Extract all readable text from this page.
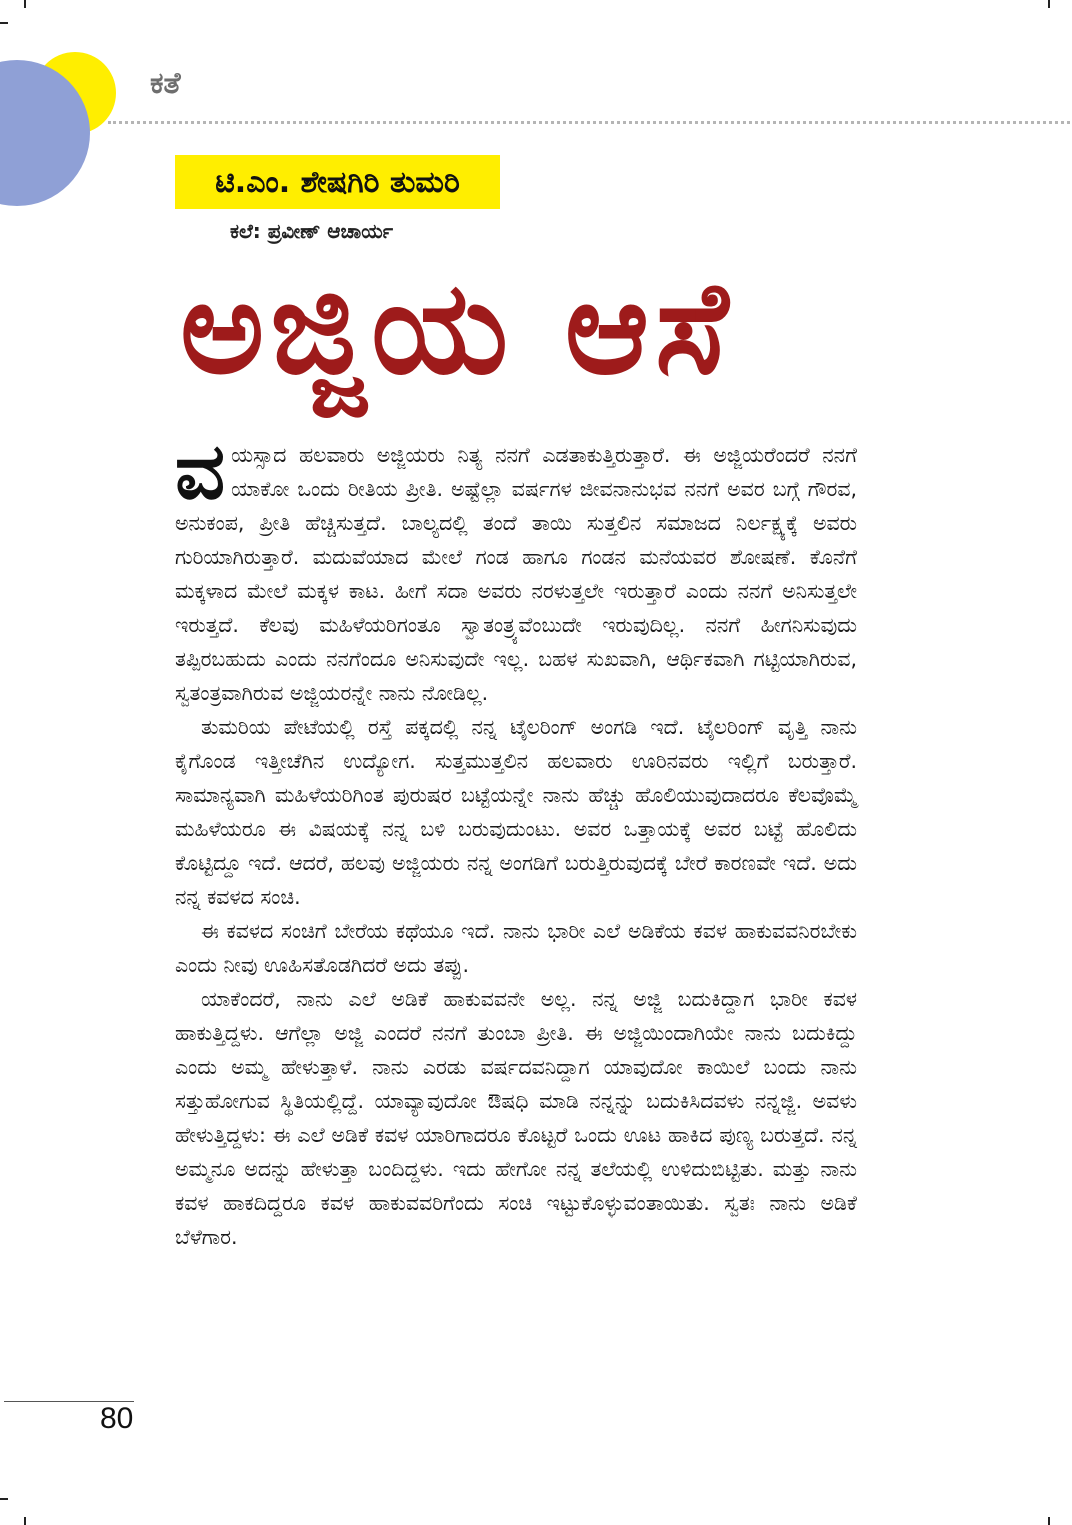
ಕತೆ
ಟಿ.ಎಂ. ಶೇಷಗಿರಿ ತುಮರಿ
ಕಲೆ: ಪ್ರವೀಣ್ ಆಚಾರ್ಯ
ಅಜ್ಜಿಯ ಆಸೆ

ವಯಸ್ಸಾದ ಹಲವಾರು ಅಜ್ಜಿಯರು ನಿತ್ಯ ನನಗೆ ಎಡತಾಕುತ್ತಿರುತ್ತಾರೆ. ಈ ಅಜ್ಜಿಯರೆಂದರೆ ನನಗೆ ಯಾಕೋ ಒಂದು ರೀತಿಯ ಪ್ರೀತಿ. ಅಷ್ಟೆಲ್ಲಾ ವರ್ಷಗಳ ಜೀವನಾನುಭವ ನನಗೆ ಅವರ ಬಗ್ಗೆ ಗೌರವ, ಅನುಕಂಪ, ಪ್ರೀತಿ ಹೆಚ್ಚಿಸುತ್ತದೆ. ಬಾಲ್ಯದಲ್ಲಿ ತಂದೆ ತಾಯಿ ಸುತ್ತಲಿನ ಸಮಾಜದ ನಿರ್ಲಕ್ಷ್ಯಕ್ಕೆ ಅವರು ಗುರಿಯಾಗಿರುತ್ತಾರೆ. ಮದುವೆಯಾದ ಮೇಲೆ ಗಂಡ ಹಾಗೂ ಗಂಡನ ಮನೆಯವರ ಶೋಷಣೆ. ಕೊನೆಗೆ ಮಕ್ಕಳಾದ ಮೇಲೆ ಮಕ್ಕಳ ಕಾಟ. ಹೀಗೆ ಸದಾ ಅವರು ನರಳುತ್ತಲೇ ಇರುತ್ತಾರೆ ಎಂದು ನನಗೆ ಅನಿಸುತ್ತಲೇ ಇರುತ್ತದೆ. ಕೆಲವು ಮಹಿಳೆಯರಿಗಂತೂ ಸ್ವಾತಂತ್ರ್ಯವೆಂಬುದೇ ಇರುವುದಿಲ್ಲ. ನನಗೆ ಹೀಗನಿಸುವುದು ತಪ್ಪಿರಬಹುದು ಎಂದು ನನಗೆಂದೂ ಅನಿಸುವುದೇ ಇಲ್ಲ. ಬಹಳ ಸುಖವಾಗಿ, ಆರ್ಥಿಕವಾಗಿ ಗಟ್ಟಿಯಾಗಿರುವ, ಸ್ವತಂತ್ರವಾಗಿರುವ ಅಜ್ಜಿಯರನ್ನೇ ನಾನು ನೋಡಿಲ್ಲ.

ತುಮರಿಯ ಪೇಟೆಯಲ್ಲಿ ರಸ್ತೆ ಪಕ್ಕದಲ್ಲಿ ನನ್ನ ಟೈಲರಿಂಗ್ ಅಂಗಡಿ ಇದೆ. ಟೈಲರಿಂಗ್ ವೃತ್ತಿ ನಾನು ಕೈಗೊಂಡ ಇತ್ತೀಚೆಗಿನ ಉದ್ಯೋಗ. ಸುತ್ತಮುತ್ತಲಿನ ಹಲವಾರು ಊರಿನವರು ಇಲ್ಲಿಗೆ ಬರುತ್ತಾರೆ. ಸಾಮಾನ್ಯವಾಗಿ ಮಹಿಳೆಯರಿಗಿಂತ ಪುರುಷರ ಬಟ್ಟೆಯನ್ನೇ ನಾನು ಹೆಚ್ಚು ಹೊಲಿಯುವುದಾದರೂ ಕೆಲವೊಮ್ಮೆ ಮಹಿಳೆಯರೂ ಈ ವಿಷಯಕ್ಕೆ ನನ್ನ ಬಳಿ ಬರುವುದುಂಟು. ಅವರ ಒತ್ತಾಯಕ್ಕೆ ಅವರ ಬಟ್ಟೆ ಹೊಲಿದು ಕೊಟ್ಟಿದ್ದೂ ಇದೆ. ಆದರೆ, ಹಲವು ಅಜ್ಜಿಯರು ನನ್ನ ಅಂಗಡಿಗೆ ಬರುತ್ತಿರುವುದಕ್ಕೆ ಬೇರೆ ಕಾರಣವೇ ಇದೆ. ಅದು ನನ್ನ ಕವಳದ ಸಂಚಿ.

ಈ ಕವಳದ ಸಂಚಿಗೆ ಬೇರೆಯ ಕಥೆಯೂ ಇದೆ. ನಾನು ಭಾರೀ ಎಲೆ ಅಡಿಕೆಯ ಕವಳ ಹಾಕುವವನಿರಬೇಕು ಎಂದು ನೀವು ಊಹಿಸತೊಡಗಿದರೆ ಅದು ತಪ್ಪು.

ಯಾಕೆಂದರೆ, ನಾನು ಎಲೆ ಅಡಿಕೆ ಹಾಕುವವನೇ ಅಲ್ಲ. ನನ್ನ ಅಜ್ಜಿ ಬದುಕಿದ್ದಾಗ ಭಾರೀ ಕವಳ ಹಾಕುತ್ತಿದ್ದಳು. ಆಗೆಲ್ಲಾ ಅಜ್ಜಿ ಎಂದರೆ ನನಗೆ ತುಂಬಾ ಪ್ರೀತಿ. ಈ ಅಜ್ಜಿಯಿಂದಾಗಿಯೇ ನಾನು ಬದುಕಿದ್ದು ಎಂದು ಅಮ್ಮ ಹೇಳುತ್ತಾಳೆ. ನಾನು ಎರಡು ವರ್ಷದವನಿದ್ದಾಗ ಯಾವುದೋ ಕಾಯಿಲೆ ಬಂದು ನಾನು ಸತ್ತುಹೋಗುವ ಸ್ಥಿತಿಯಲ್ಲಿದ್ದೆ. ಯಾವ್ಯಾವುದೋ ಔಷಧಿ ಮಾಡಿ ನನ್ನನ್ನು ಬದುಕಿಸಿದವಳು ನನ್ನಜ್ಜಿ. ಅವಳು ಹೇಳುತ್ತಿದ್ದಳು: ಈ ಎಲೆ ಅಡಿಕೆ ಕವಳ ಯಾರಿಗಾದರೂ ಕೊಟ್ಟರೆ ಒಂದು ಊಟ ಹಾಕಿದ ಪುಣ್ಯ ಬರುತ್ತದೆ. ನನ್ನ ಅಮ್ಮನೂ ಅದನ್ನು ಹೇಳುತ್ತಾ ಬಂದಿದ್ದಳು. ಇದು ಹೇಗೋ ನನ್ನ ತಲೆಯಲ್ಲಿ ಉಳಿದುಬಿಟ್ಟಿತು. ಮತ್ತು ನಾನು ಕವಳ ಹಾಕದಿದ್ದರೂ ಕವಳ ಹಾಕುವವರಿಗೆಂದು ಸಂಚಿ ಇಟ್ಟುಕೊಳ್ಳುವಂತಾಯಿತು. ಸ್ವತಃ ನಾನು ಅಡಿಕೆ ಬೆಳೆಗಾರ.

80
